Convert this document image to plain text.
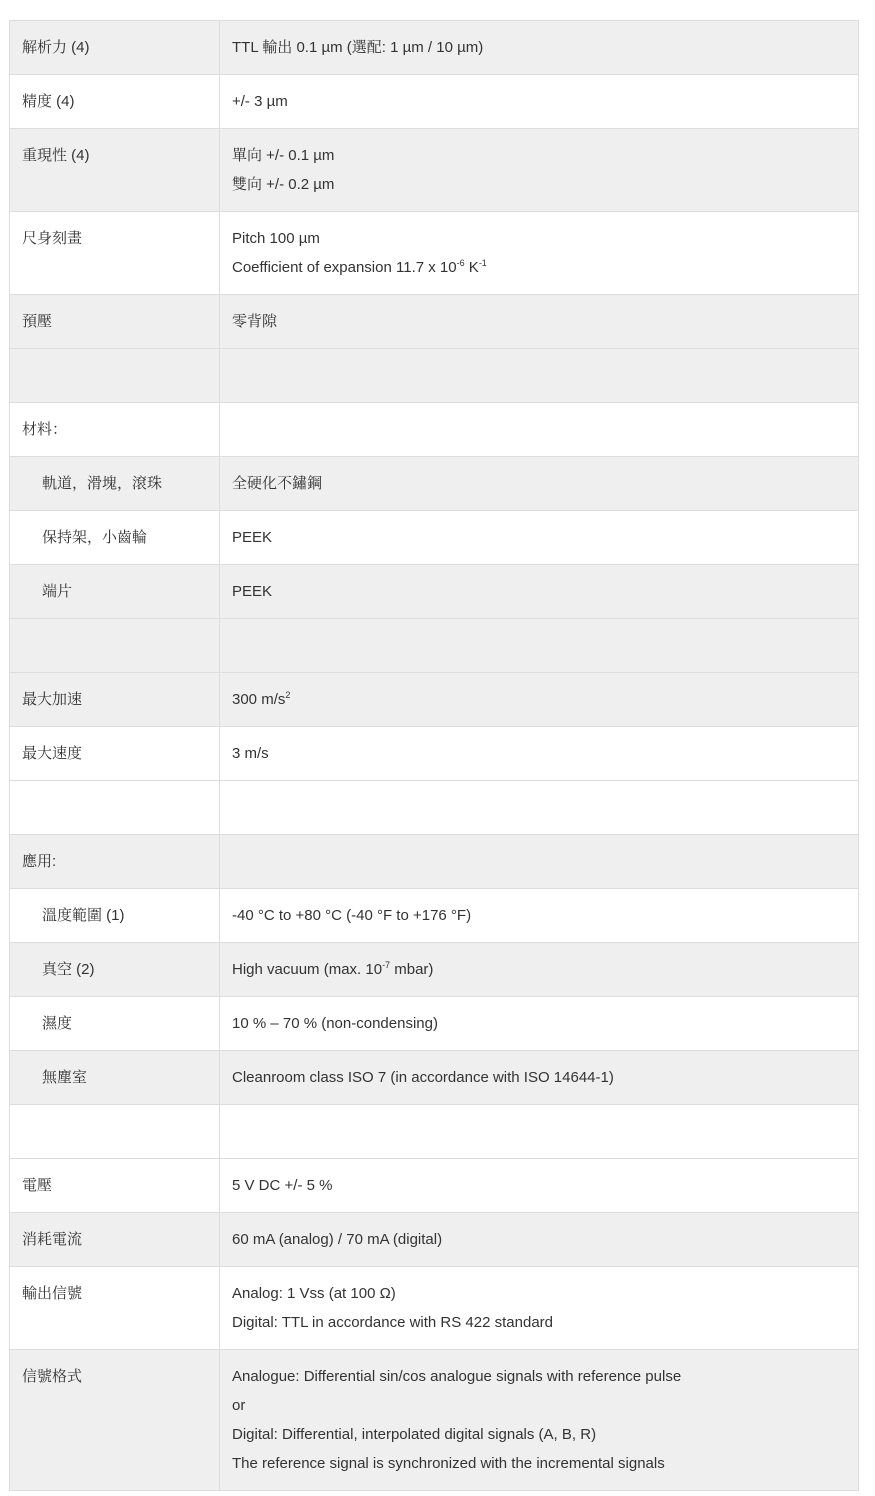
解析力 (4)	TTL 輸出 0.1 µm (選配: 1 µm / 10 µm)

精度 (4)	+/- 3 µm

重現性 (4)	單向 +/- 0.1 µm
雙向 +/- 0.2 µm

尺身刻畫	Pitch 100 µm
Coefficient of expansion 11.7 x $10^{-6}$ $K^{-1}$

預壓	零背隙

材料：	
軌道，滑塊，滾珠	全硬化不鏽鋼

保持架，小齒輪	PEEK

端片	PEEK

最大加速	300 $m/s^2$

最大速度	3 m/s

應用:	
溫度範圍 (1)	-40 °C to +80 °C (-40 °F to +176 °F)

真空 (2)	High vacuum (max. $10^{-7}$ mbar)

濕度	10 % – 70 % (non-condensing)

無塵室	Cleanroom class ISO 7 (in accordance with ISO 14644-1)

電壓	5 V DC +/- 5 %

消耗電流	60 mA (analog) / 70 mA (digital)

輸出信號	Analog: 1 Vss (at 100 Ω)
Digital: TTL in accordance with RS 422 standard

信號格式	Analogue: Differential sin/cos analogue signals with reference pulse
or
Digital: Differential, interpolated digital signals (A, B, R)
The reference signal is synchronized with the incremental signals
